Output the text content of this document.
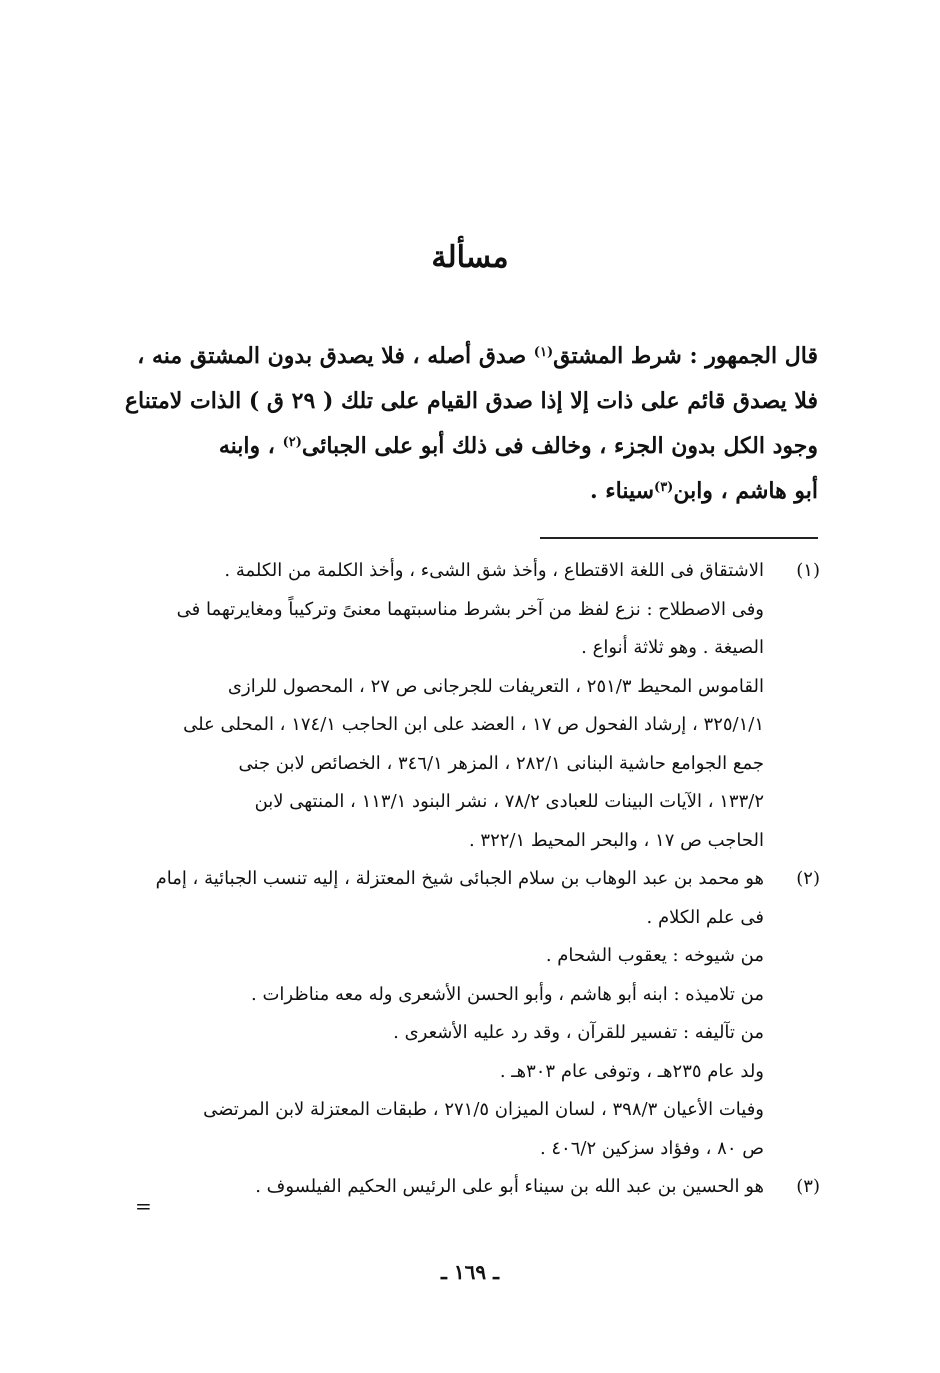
مسألة
قال الجمهور : شرط المشتق$^{(١)}$ صدق أصله ، فلا يصدق بدون المشتق منه ،
فلا يصدق قائم على ذات إلا إذا صدق القيام على تلك ( ٢٩ ق ) الذات لامتناع
وجود الكل بدون الجزء ، وخالف فى ذلك أبو على الجبائى$^{(٢)}$ ، وابنه
أبو هاشم ، وابن$^{(٣)}$سيناء .
(١)
الاشتقاق فى اللغة الاقتطاع ، وأخذ شق الشىء ، وأخذ الكلمة من الكلمة .
وفى الاصطلاح : نزع لفظ من آخر بشرط مناسبتهما معنىً وتركيباً ومغايرتهما فى
الصيغة . وهو ثلاثة أنواع .
القاموس المحيط ٢٥١/٣ ، التعريفات للجرجانى ص ٢٧ ، المحصول للرازى
٣٢٥/١/١ ، إرشاد الفحول ص ١٧ ، العضد على ابن الحاجب ١٧٤/١ ، المحلى على
جمع الجوامع حاشية البنانى ٢٨٢/١ ، المزهر ٣٤٦/١ ، الخصائص لابن جنى
١٣٣/٢ ، الآيات البينات للعبادى ٧٨/٢ ، نشر البنود ١١٣/١ ، المنتهى لابن
الحاجب ص ١٧ ، والبحر المحيط ٣٢٢/١ .
(٢)
هو محمد بن عبد الوهاب بن سلام الجبائى شيخ المعتزلة ، إليه تنسب الجبائية ، إمام
فى علم الكلام .
من شيوخه : يعقوب الشحام .
من تلاميذه : ابنه أبو هاشم ، وأبو الحسن الأشعرى وله معه مناظرات .
من تآليفه : تفسير للقرآن ، وقد رد عليه الأشعرى .
ولد عام ٢٣٥هـ ، وتوفى عام ٣٠٣هـ .
وفيات الأعيان ٣٩٨/٣ ، لسان الميزان ٢٧١/٥ ، طبقات المعتزلة لابن المرتضى
ص ٨٠ ، وفؤاد سزكين ٤٠٦/٢ .
(٣)
هو الحسين بن عبد الله بن سيناء أبو على الرئيس الحكيم الفيلسوف .
=
ـ ١٦٩ ـ
